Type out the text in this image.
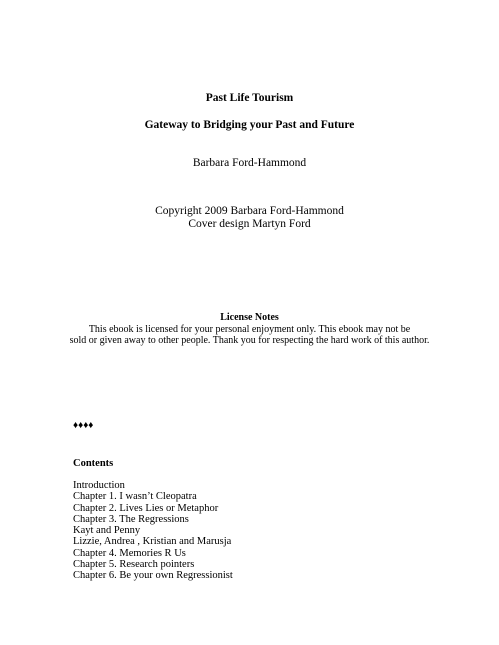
Past Life Tourism
Gateway to Bridging your Past and Future
Barbara Ford-Hammond
Copyright 2009 Barbara Ford-Hammond
Cover design Martyn Ford
License Notes
This ebook is licensed for your personal enjoyment only. This ebook may not be
sold or given away to other people. Thank you for respecting the hard work of this author.
♦♦♦♦
Contents
Introduction
Chapter 1. I wasn’t Cleopatra
Chapter 2. Lives Lies or Metaphor
Chapter 3. The Regressions
Kayt and Penny
Lizzie, Andrea , Kristian and Marusja
Chapter 4. Memories R Us
Chapter 5. Research pointers
Chapter 6. Be your own Regressionist
